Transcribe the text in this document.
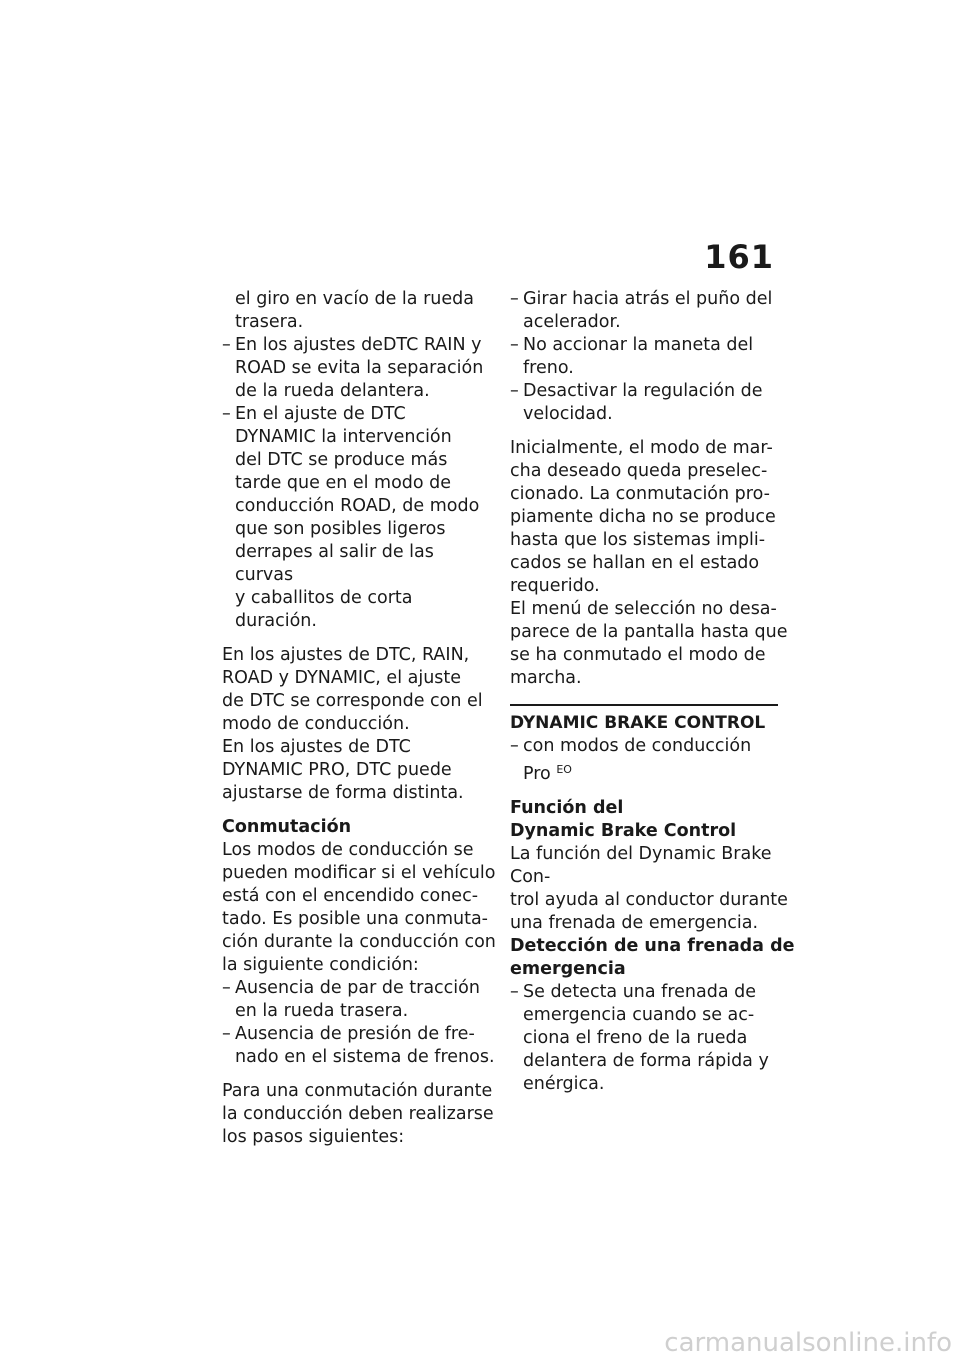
161

el giro en vacío de la rueda

trasera.

– En los ajustes deDTC RAIN y

ROAD se evita la separación

de la rueda delantera.

– En el ajuste de DTC

DYNAMIC la intervención

del DTC se produce más

tarde que en el modo de

conducción ROAD, de modo

que son posibles ligeros

derrapes al salir de las curvas

y caballitos de corta duración.

En los ajustes de DTC, RAIN,

ROAD y DYNAMIC, el ajuste

de DTC se corresponde con el

modo de conducción.

En los ajustes de DTC

DYNAMIC PRO, DTC puede

ajustarse de forma distinta.

Conmutación

Los modos de conducción se

pueden modificar si el vehículo

está con el encendido conec-

tado. Es posible una conmuta-

ción durante la conducción con

la siguiente condición:

– Ausencia de par de tracción

en la rueda trasera.

– Ausencia de presión de fre-

nado en el sistema de frenos.

Para una conmutación durante

la conducción deben realizarse

los pasos siguientes:

– Girar hacia atrás el puño del

acelerador.

– No accionar la maneta del

freno.

– Desactivar la regulación de

velocidad.

Inicialmente, el modo de mar-

cha deseado queda preselec-

cionado. La conmutación pro-

piamente dicha no se produce

hasta que los sistemas impli-

cados se hallan en el estado

requerido.

El menú de selección no desa-

parece de la pantalla hasta que

se ha conmutado el modo de

marcha.

DYNAMIC BRAKE CONTROL

– con modos de conducción

Pro $^{EO}$

Función del

Dynamic Brake Control

La función del Dynamic Brake Con-

trol ayuda al conductor durante

una frenada de emergencia.

Detección de una frenada de

emergencia

– Se detecta una frenada de

emergencia cuando se ac-

ciona el freno de la rueda

delantera de forma rápida y

enérgica.

carmanualsonline.info
